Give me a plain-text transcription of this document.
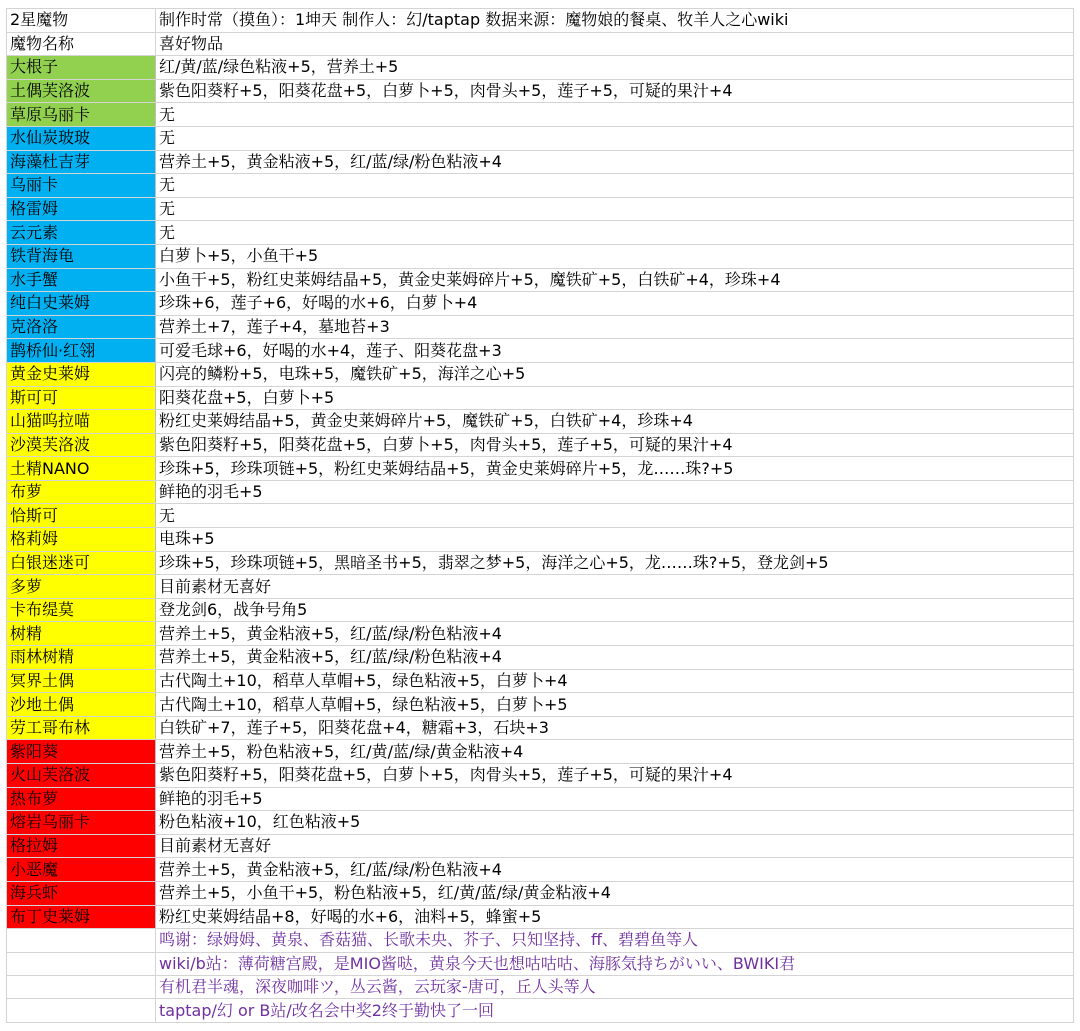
2星魔物	制作时常（摸鱼）：1坤天 制作人：幻/taptap 数据来源：魔物娘的餐桌、牧羊人之心wiki
魔物名称	喜好物品
大根子	红/黄/蓝/绿色粘液+5，营养土+5
土偶芙洛波	紫色阳葵籽+5，阳葵花盘+5，白萝卜+5，肉骨头+5，莲子+5，可疑的果汁+4
草原乌丽卡	无
水仙炭玻玻	无
海藻杜吉芽	营养土+5，黄金粘液+5，红/蓝/绿/粉色粘液+4
乌丽卡	无
格雷姆	无
云元素	无
铁背海龟	白萝卜+5，小鱼干+5
水手蟹	小鱼干+5，粉红史莱姆结晶+5，黄金史莱姆碎片+5，魔铁矿+5，白铁矿+4，珍珠+4
纯白史莱姆	珍珠+6，莲子+6，好喝的水+6，白萝卜+4
克洛洛	营养土+7，莲子+4，墓地苔+3
鹊桥仙·红翎	可爱毛球+6，好喝的水+4，莲子、阳葵花盘+3
黄金史莱姆	闪亮的鳞粉+5，电珠+5，魔铁矿+5，海洋之心+5
斯可可	阳葵花盘+5，白萝卜+5
山猫呜拉喵	粉红史莱姆结晶+5，黄金史莱姆碎片+5，魔铁矿+5，白铁矿+4，珍珠+4
沙漠芙洛波	紫色阳葵籽+5，阳葵花盘+5，白萝卜+5，肉骨头+5，莲子+5，可疑的果汁+4
土精NANO	珍珠+5，珍珠项链+5，粉红史莱姆结晶+5，黄金史莱姆碎片+5，龙……珠?+5
布萝	鲜艳的羽毛+5
恰斯可	无
格莉姆	电珠+5
白银迷迷可	珍珠+5，珍珠项链+5，黑暗圣书+5，翡翠之梦+5，海洋之心+5，龙……珠?+5，登龙剑+5
多萝	目前素材无喜好
卡布缇莫	登龙剑6，战争号角5
树精	营养土+5，黄金粘液+5，红/蓝/绿/粉色粘液+4
雨林树精	营养土+5，黄金粘液+5，红/蓝/绿/粉色粘液+4
冥界土偶	古代陶土+10，稻草人草帽+5，绿色粘液+5，白萝卜+4
沙地土偶	古代陶土+10，稻草人草帽+5，绿色粘液+5，白萝卜+5
劳工哥布林	白铁矿+7，莲子+5，阳葵花盘+4，糖霜+3，石块+3
紫阳葵	营养土+5，粉色粘液+5，红/黄/蓝/绿/黄金粘液+4
火山芙洛波	紫色阳葵籽+5，阳葵花盘+5，白萝卜+5，肉骨头+5，莲子+5，可疑的果汁+4
热布萝	鲜艳的羽毛+5
熔岩乌丽卡	粉色粘液+10，红色粘液+5
格拉姆	目前素材无喜好
小恶魔	营养土+5，黄金粘液+5，红/蓝/绿/粉色粘液+4
海兵虾	营养土+5，小鱼干+5，粉色粘液+5，红/黄/蓝/绿/黄金粘液+4
布丁史莱姆	粉红史莱姆结晶+8，好喝的水+6，油料+5，蜂蜜+5
	鸣谢：绿姆姆、黄泉、香菇猫、长歌未央、芥子、只知坚持、ff、碧碧鱼等人
	wiki/b站：薄荷糖宫殿，是MIO酱哒，黄泉今天也想咕咕咕、海豚気持ちがいい、BWIKI君
	有机君半魂，深夜咖啡ツ，丛云酱，云玩家-唐可，丘人头等人
	taptap/幻 or B站/改名会中奖2终于勤快了一回
